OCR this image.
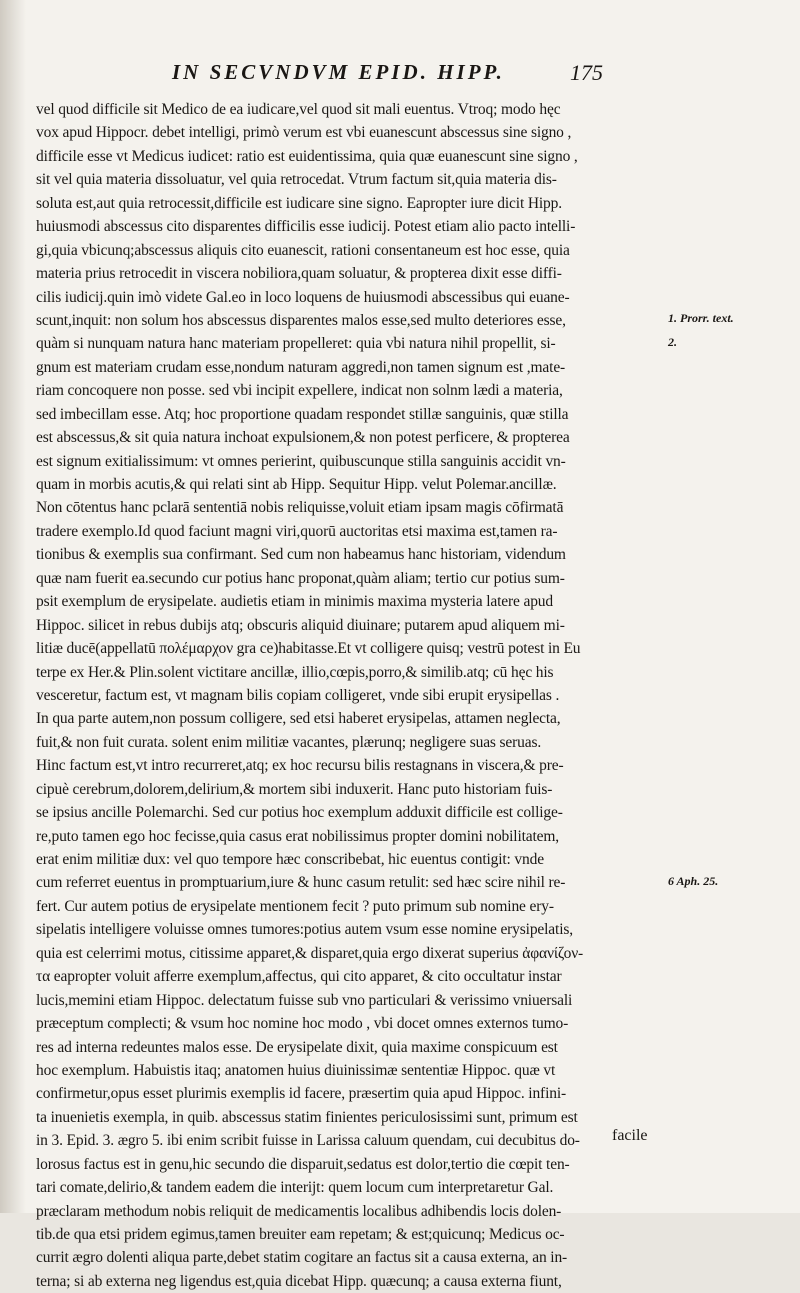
IN SECVNDVM EPID. HIPP.	175
vel quod difficile sit Medico de ea iudicare,vel quod sit mali euentus. Vtroq; modo hęc
vox apud Hippocr. debet intelligi, primò verum est vbi euanescunt abscessus sine signo ,
difficile esse vt Medicus iudicet: ratio est euidentissima, quia quæ euanescunt sine signo ,
sit vel quia materia dissoluatur, vel quia retrocedat. Vtrum factum sit,quia materia dis-
soluta est,aut quia retrocessit,difficile est iudicare sine signo. Eapropter iure dicit Hipp.
huiusmodi abscessus cito disparentes difficilis esse iudicij. Potest etiam alio pacto intelli-
gi,quia vbicunq;abscessus aliquis cito euanescit, rationi consentaneum est hoc esse, quia
materia prius retrocedit in viscera nobiliora,quam soluatur, & propterea dixit esse diffi-
cilis iudicij.quin imò videte Gal.eo in loco loquens de huiusmodi abscessibus qui euane-
scunt,inquit: non solum hos abscessus disparentes malos esse,sed multo deteriores esse,
quàm si nunquam natura hanc materiam propelleret: quia vbi natura nihil propellit, si-
gnum est materiam crudam esse,nondum naturam aggredi,non tamen signum est ,mate-
riam concoquere non posse. sed vbi incipit expellere, indicat non solnm lædi a materia,
sed imbecillam esse. Atq; hoc proportione quadam respondet stillæ sanguinis, quæ stilla
est abscessus,& sit quia natura inchoat expulsionem,& non potest perficere, & propterea
est signum exitialissimum: vt omnes perierint, quibuscunque stilla sanguinis accidit vn-
quam in morbis acutis,& qui relati sint ab Hipp. Sequitur Hipp. velut Polemar.ancillæ.
Non cōtentus hanc pclarā sententiā nobis reliquisse,voluit etiam ipsam magis cōfirmatā
tradere exemplo.Id quod faciunt magni viri,quorū auctoritas etsi maxima est,tamen ra-
tionibus & exemplis sua confirmant. Sed cum non habeamus hanc historiam, videndum
quæ nam fuerit ea.secundo cur potius hanc proponat,quàm aliam; tertio cur potius sum-
psit exemplum de erysipelate. audietis etiam in minimis maxima mysteria latere apud
Hippoc. silicet in rebus dubijs atq; obscuris aliquid diuinare; putarem apud aliquem mi-
litiæ ducē(appellatū πολέμαρχον gra ce)habitasse.Et vt colligere quisq; vestrū potest in Eu
terpe ex Her.& Plin.solent victitare ancillæ, illio,cœpis,porro,& similib.atq; cū hęc his
vesceretur, factum est, vt magnam bilis copiam colligeret, vnde sibi erupit erysipellas .
In qua parte autem,non possum colligere, sed etsi haberet erysipelas, attamen neglecta,
fuit,& non fuit curata. solent enim militiæ vacantes, plærunq; negligere suas seruas.
Hinc factum est,vt intro recurreret,atq; ex hoc recursu bilis restagnans in viscera,& pre-
cipuè cerebrum,dolorem,delirium,& mortem sibi induxerit. Hanc puto historiam fuis-
se ipsius ancille Polemarchi. Sed cur potius hoc exemplum adduxit difficile est collige-
re,puto tamen ego hoc fecisse,quia casus erat nobilissimus propter domini nobilitatem,
erat enim militiæ dux: vel quo tempore hæc conscribebat, hic euentus contigit: vnde
cum referret euentus in promptuarium,iure & hunc casum retulit: sed hæc scire nihil re-
fert. Cur autem potius de erysipelate mentionem fecit ? puto primum sub nomine ery-
sipelatis intelligere voluisse omnes tumores:potius autem vsum esse nomine erysipelatis,
quia est celerrimi motus, citissime apparet,& disparet,quia ergo dixerat superius ἀφανίζον-
τα eapropter voluit afferre exemplum,affectus, qui cito apparet, & cito occultatur instar
lucis,memini etiam Hippoc. delectatum fuisse sub vno particulari & verissimo vniuersali
præceptum complecti; & vsum hoc nomine hoc modo , vbi docet omnes externos tumo-
res ad interna redeuntes malos esse. De erysipelate dixit, quia maxime conspicuum est
hoc exemplum. Habuistis itaq; anatomen huius diuinissimæ sententiæ Hippoc. quæ vt
confirmetur,opus esset plurimis exemplis id facere, præsertim quia apud Hippoc. infini-
ta inuenietis exempla, in quib. abscessus statim finientes periculosissimi sunt, primum est
in 3. Epid. 3. ægro 5. ibi enim scribit fuisse in Larissa caluum quendam, cui decubitus do-
lorosus factus est in genu,hic secundo die disparuit,sedatus est dolor,tertio die cœpit ten-
tari comate,delirio,& tandem eadem die interijt: quem locum cum interpretaretur Gal.
præclaram methodum nobis reliquit de medicamentis localibus adhibendis locis dolen-
tib.de qua etsi pridem egimus,tamen breuiter eam repetam; & est;quicunq; Medicus oc-
currit ægro dolenti aliqua parte,debet statim cogitare an factus sit a causa externa, an in-
terna; si ab externa neg ligendus est,quia dicebat Hipp. quæcunq; a causa externa fiunt,
1. Prorr. text.
2.
6 Aph. 25.
facile
